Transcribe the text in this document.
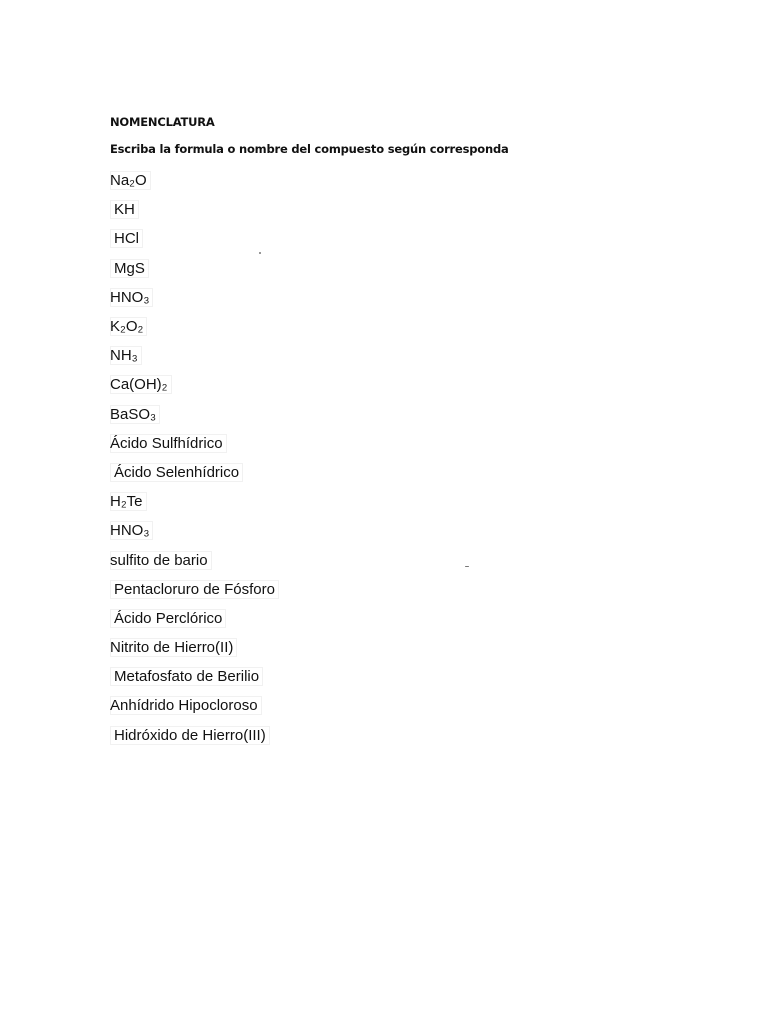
NOMENCLATURA
Escriba la formula o nombre del compuesto según corresponda
Na₂O
KH
HCl
MgS
HNO₃
K₂O₂
NH₃
Ca(OH)₂
BaSO₃
Ácido Sulfhídrico
Ácido Selenhídrico
H₂Te
HNO₃
sulfito de bario
Pentacloruro de Fósforo
Ácido Perclórico
Nitrito de Hierro(II)
Metafosfato de Berilio
Anhídrido Hipocloroso
Hidróxido de Hierro(III)
